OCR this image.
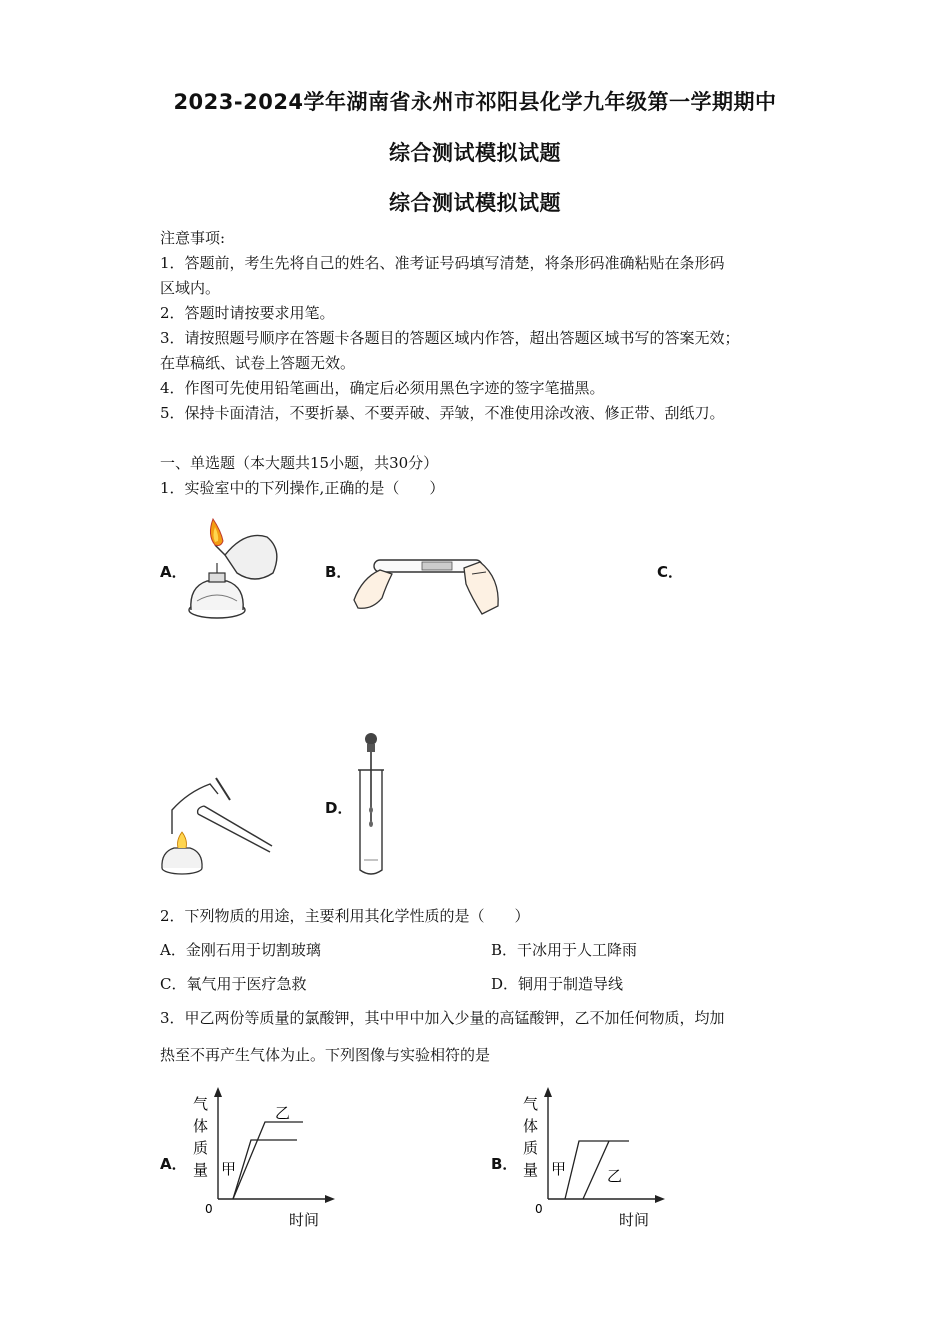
2023-2024学年湖南省永州市祁阳县化学九年级第一学期期中
综合测试模拟试题
综合测试模拟试题
注意事项:
1．答题前，考生先将自己的姓名、准考证号码填写清楚，将条形码准确粘贴在条形码
区域内。
2．答题时请按要求用笔。
3．请按照题号顺序在答题卡各题目的答题区域内作答，超出答题区域书写的答案无效；
在草稿纸、试卷上答题无效。
4．作图可先使用铅笔画出，确定后必须用黑色字迹的签字笔描黑。
5．保持卡面清洁，不要折暴、不要弄破、弄皱，不准使用涂改液、修正带、刮纸刀。
一、单选题（本大题共15小题，共30分）
1．实验室中的下列操作,正确的是（　　）
A．	B．	C．
D．
2．下列物质的用途，主要利用其化学性质的是（　　）
A．金刚石用于切割玻璃	B．干冰用于人工降雨
C．氧气用于医疗急救	D．铜用于制造导线
3．甲乙两份等质量的氯酸钾，其中甲中加入少量的高锰酸钾，乙不加任何物质，均加
热至不再产生气体为止。下列图像与实验相符的是
A．
气
体
质
量
0
时间
甲
乙
B．
气
体
质
量
0
时间
甲	乙
